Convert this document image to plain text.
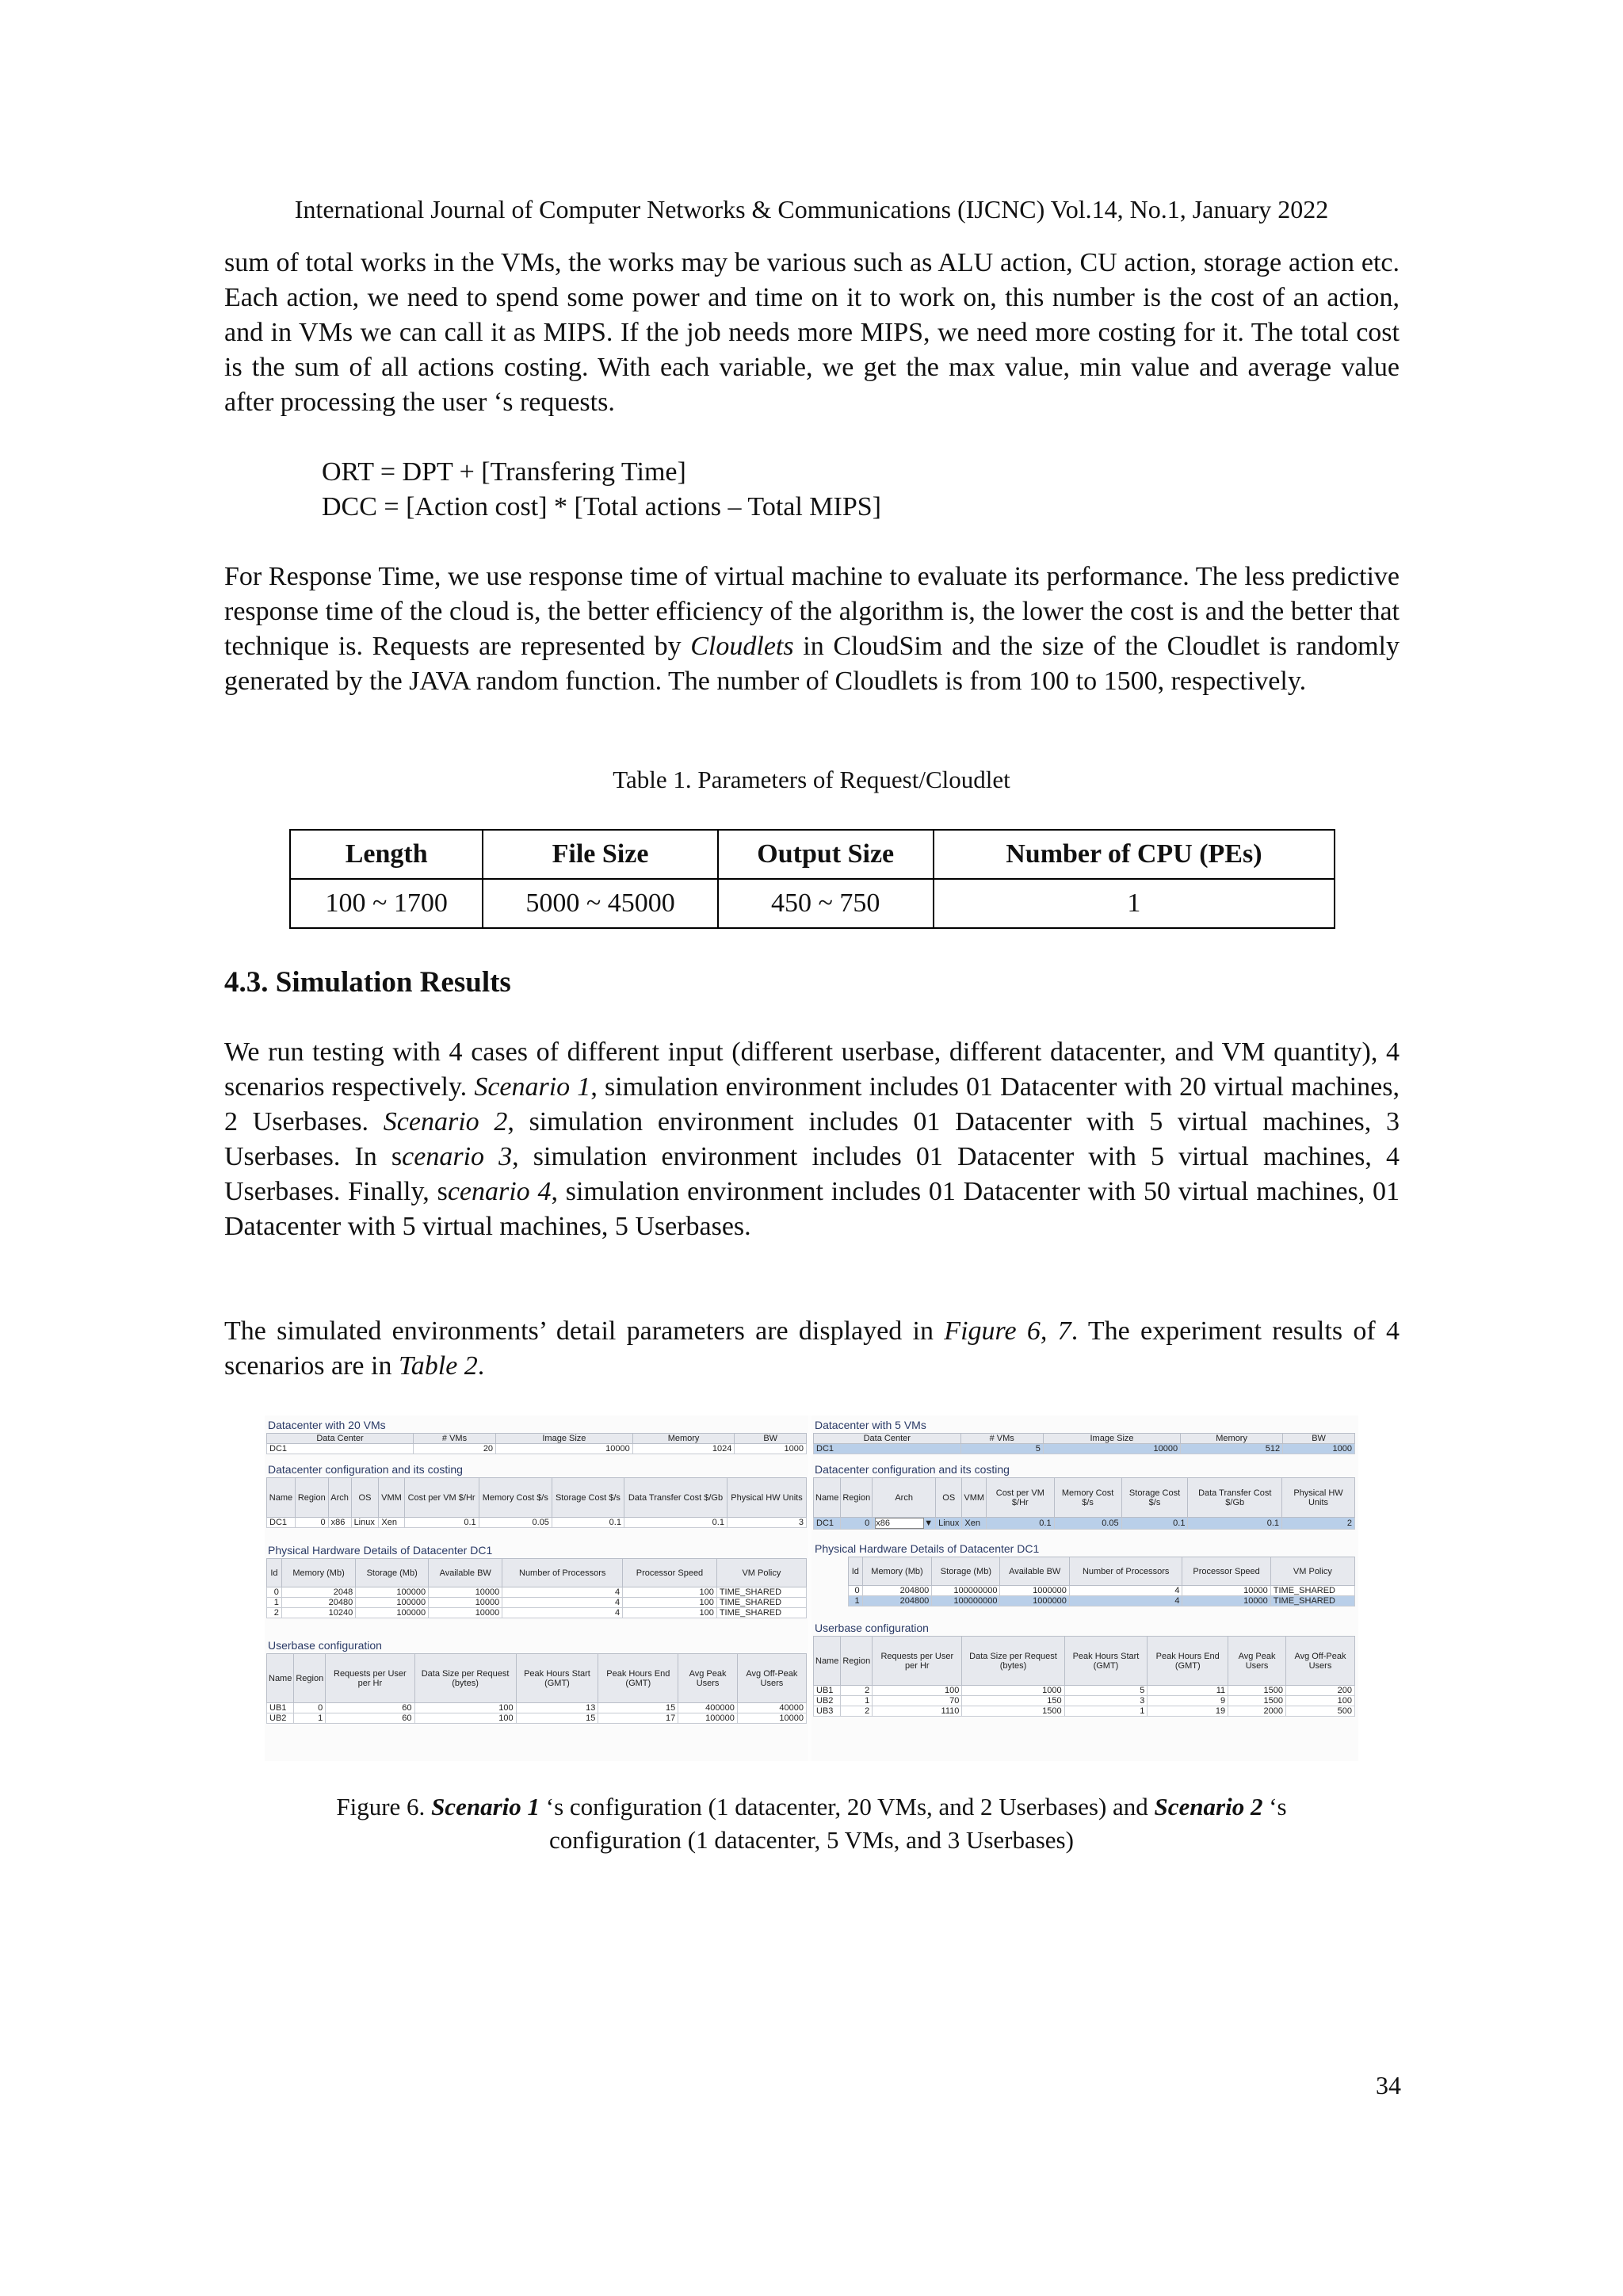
International Journal of Computer Networks & Communications (IJCNC) Vol.14, No.1, January 2022
sum of total works in the VMs, the works may be various such as ALU action, CU action, storage action etc. Each action, we need to spend some power and time on it to work on, this number is the cost of an action, and in VMs we can call it as MIPS. If the job needs more MIPS, we need more costing for it. The total cost is the sum of all actions costing. With each variable, we get the max value, min value and average value after processing the user ‘s requests.
ORT = DPT + [Transfering Time]
DCC = [Action cost] * [Total actions – Total MIPS]
For Response Time, we use response time of virtual machine to evaluate its performance. The less predictive response time of the cloud is, the better efficiency of the algorithm is, the lower the cost is and the better that technique is. Requests are represented by Cloudlets in CloudSim and the size of the Cloudlet is randomly generated by the JAVA random function. The number of Cloudlets is from 100 to 1500, respectively.
Table 1. Parameters of Request/Cloudlet
Length	File Size	Output Size	Number of CPU (PEs)
100 ~ 1700	5000 ~ 45000	450 ~ 750	1
4.3. Simulation Results
We run testing with 4 cases of different input (different userbase, different datacenter, and VM quantity), 4 scenarios respectively. Scenario 1, simulation environment includes 01 Datacenter with 20 virtual machines, 2 Userbases. Scenario 2, simulation environment includes 01 Datacenter with 5 virtual machines, 3 Userbases. In scenario 3, simulation environment includes 01 Datacenter with 5 virtual machines, 4 Userbases. Finally, scenario 4, simulation environment includes 01 Datacenter with 50 virtual machines, 01 Datacenter with 5 virtual machines, 5 Userbases.
The simulated environments’ detail parameters are displayed in Figure 6, 7. The experiment results of 4 scenarios are in Table 2.
Datacenter with 20 VMs
Data Center	# VMs	Image Size	Memory	BW
DC1	20	10000	1024	1000
Datacenter configuration and its costing
Name	Region	Arch	OS	VMM	Cost per VM $/Hr	Memory Cost $/s	Storage Cost $/s	Data Transfer Cost $/Gb	Physical HW Units
DC1	0	x86	Linux	Xen	0.1	0.05	0.1	0.1	3
Physical Hardware Details of Datacenter DC1
Id	Memory (Mb)	Storage (Mb)	Available BW	Number of Processors	Processor Speed	VM Policy
0	2048	100000	10000	4	100	TIME_SHARED
1	20480	100000	10000	4	100	TIME_SHARED
2	10240	100000	10000	4	100	TIME_SHARED
Userbase configuration
Name	Region	Requests per User per Hr	Data Size per Request (bytes)	Peak Hours Start (GMT)	Peak Hours End (GMT)	Avg Peak Users	Avg Off-Peak Users
UB1	0	60	100	13	15	400000	40000
UB2	1	60	100	15	17	100000	10000
Datacenter with 5 VMs
Data Center	# VMs	Image Size	Memory	BW
DC1	5	10000	512	1000
Datacenter configuration and its costing
Name	Region	Arch	OS	VMM	Cost per VM $/Hr	Memory Cost $/s	Storage Cost $/s	Data Transfer Cost $/Gb	Physical HW Units
DC1	0	x86 ▼	Linux	Xen	0.1	0.05	0.1	0.1	2
Physical Hardware Details of Datacenter DC1
Id	Memory (Mb)	Storage (Mb)	Available BW	Number of Processors	Processor Speed	VM Policy
0	204800	100000000	1000000	4	10000	TIME_SHARED
1	204800	100000000	1000000	4	10000	TIME_SHARED
Userbase configuration
Name	Region	Requests per User per Hr	Data Size per Request (bytes)	Peak Hours Start (GMT)	Peak Hours End (GMT)	Avg Peak Users	Avg Off-Peak Users
UB1	2	100	1000	5	11	1500	200
UB2	1	70	150	3	9	1500	100
UB3	2	1110	1500	1	19	2000	500
Figure 6. Scenario 1 ‘s configuration (1 datacenter, 20 VMs, and 2 Userbases) and Scenario 2 ‘s
configuration (1 datacenter, 5 VMs, and 3 Userbases)
34
